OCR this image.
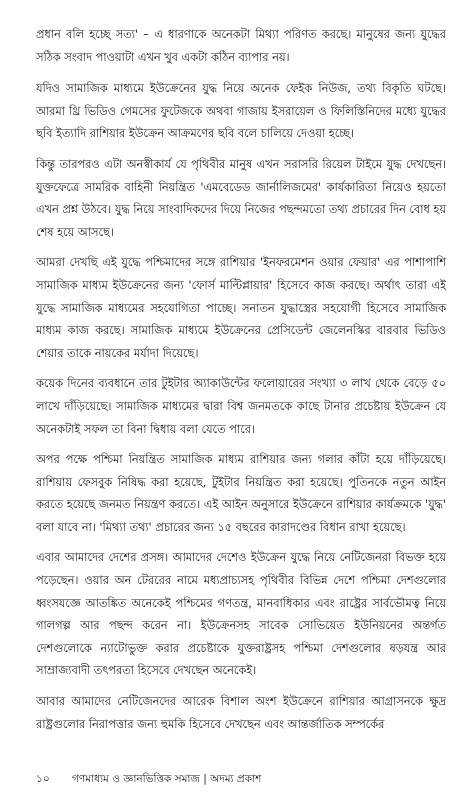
প্রধান বলি হচ্ছে সত্য' – এ ধারণাকে অনেকটা মিথ্যা পরিণত করছে। মানুষের জন্য যুদ্ধের সঠিক সংবাদ পাওয়াটা এখন খুব একটা কঠিন ব্যাপার নয়।

যদিও সামাজিক মাধ্যমে ইউক্রেনের যুদ্ধ নিয়ে অনেক ফেইক নিউজ, তথ্য বিকৃতি ঘটছে। আরমা থ্রি ভিডিও গেমসের ফুটেজকে অথবা গাজায় ইসরায়েল ও ফিলিস্তিনিদের মধ্যে যুদ্ধের ছবি ইত্যাদি রাশিয়ার ইউক্রেন আক্রমণের ছবি বলে চালিয়ে দেওয়া হচ্ছে।

কিন্তু তারপরও এটা অনস্বীকার্য যে পৃথিবীর মানুষ এখন সরাসরি রিয়েল টাইমে যুদ্ধ দেখছেন। যুক্তফেত্রে সামরিক বাহিনী নিয়ন্ত্রিত 'এমবেডেড জার্নালিজমের' কার্যকারিতা নিয়েও হয়তো এখন প্রশ্ন উঠবে। যুদ্ধ নিয়ে সাংবাদিকদের দিয়ে নিজের পছন্দমতো তথ্য প্রচারের দিন বোধ হয় শেষ হয়ে আসছে।

আমরা দেখছি এই যুদ্ধে পশ্চিমাদের সঙ্গে রাশিয়ার 'ইনফরমেশন ওয়ার ফেয়ার' এর পাশাপাশি সামাজিক মাধ্যম ইউক্রেনের জন্য 'ফোর্স মাল্টিপ্লায়ার' হিসেবে কাজ করছে। অর্থাৎ তারা এই যুদ্ধে সামাজিক মাধ্যমের সহযোগিতা পাচ্ছে। সনাতন যুদ্ধাস্ত্রের সহযোগী হিসেবে সামাজিক মাধ্যম কাজ করছে। সামাজিক মাধ্যমে ইউক্রেনের প্রেসিডেন্ট জেলেনস্কির বারবার ভিডিও শেয়ার তাকে নায়কের মর্যাদা দিয়েছে।

কয়েক দিনের ব্যবধানে তার টুইটার অ্যাকাউন্টের ফলোয়ারের সংখ্যা ৩ লাখ থেকে বেড়ে ৫০ লাখে দাঁড়িয়েছে। সামাজিক মাধ্যমের দ্বারা বিশ্ব জনমতকে কাছে টানার প্রচেষ্টায় ইউক্রেন যে অনেকটাই সফল তা বিনা দ্বিধায় বলা যেতে পারে।

অপর পক্ষে পশ্চিমা নিয়ন্ত্রিত সামাজিক মাধ্যম রাশিয়ার জন্য গলার কাঁটা হয়ে দাঁড়িয়েছে। রাশিয়ায় ফেসবুক নিষিদ্ধ করা হয়েছে, টুইটার নিয়ন্ত্রিত করা হয়েছে। পুতিনকে নতুন আইন করতে হয়েছে জনমত নিয়ন্ত্রণ করতে। এই আইন অনুসারে ইউক্রেনে রাশিয়ার কার্যক্রমকে 'যুদ্ধ' বলা যাবে না। 'মিথ্যা তথ্য' প্রচারের জন্য ১৫ বছরের কারাদণ্ডের বিধান রাখা হয়েছে।

এবার আমাদের দেশের প্রসঙ্গ। আমাদের দেশেও ইউক্রেন যুদ্ধে নিয়ে নেটিজেনরা বিভক্ত হয়ে পড়েছেন। ওয়ার অন টেররের নামে মধ্যপ্রাচ্যসহ পৃথিবীর বিভিন্ন দেশে পশ্চিমা দেশগুলোর ধ্বংসযজ্ঞে আতঙ্কিত অনেকেই পশ্চিমের গণতন্ত্র, মানবাধিকার এবং রাষ্ট্রের সার্বভৌমত্ব নিয়ে গালগল্প আর পছন্দ করেন না। ইউক্রেনসহ সাবেক সোভিয়েত ইউনিয়নের অন্তর্গত দেশগুলোকে ন্যাটোভুক্ত করার প্রচেষ্টাকে যুক্তরাষ্ট্রসহ পশ্চিমা দেশগুলোর ষড়যন্ত্র আর সাম্রাজ্যবাদী তৎপরতা হিসেবে দেখছেন অনেকেই।

আবার আমাদের নেটিজেনদের আরেক বিশাল অংশ ইউক্রেনে রাশিয়ার আগ্রাসনকে ক্ষুদ্র রাষ্ট্রগুলোর নিরাপত্তার জন্য হুমকি হিসেবে দেখছেন এবং আন্তর্জাতিক সম্পর্কের

১০ গণমাধ্যম ও জ্ঞানভিত্তিক সমাজ | অদম্য প্রকাশ
